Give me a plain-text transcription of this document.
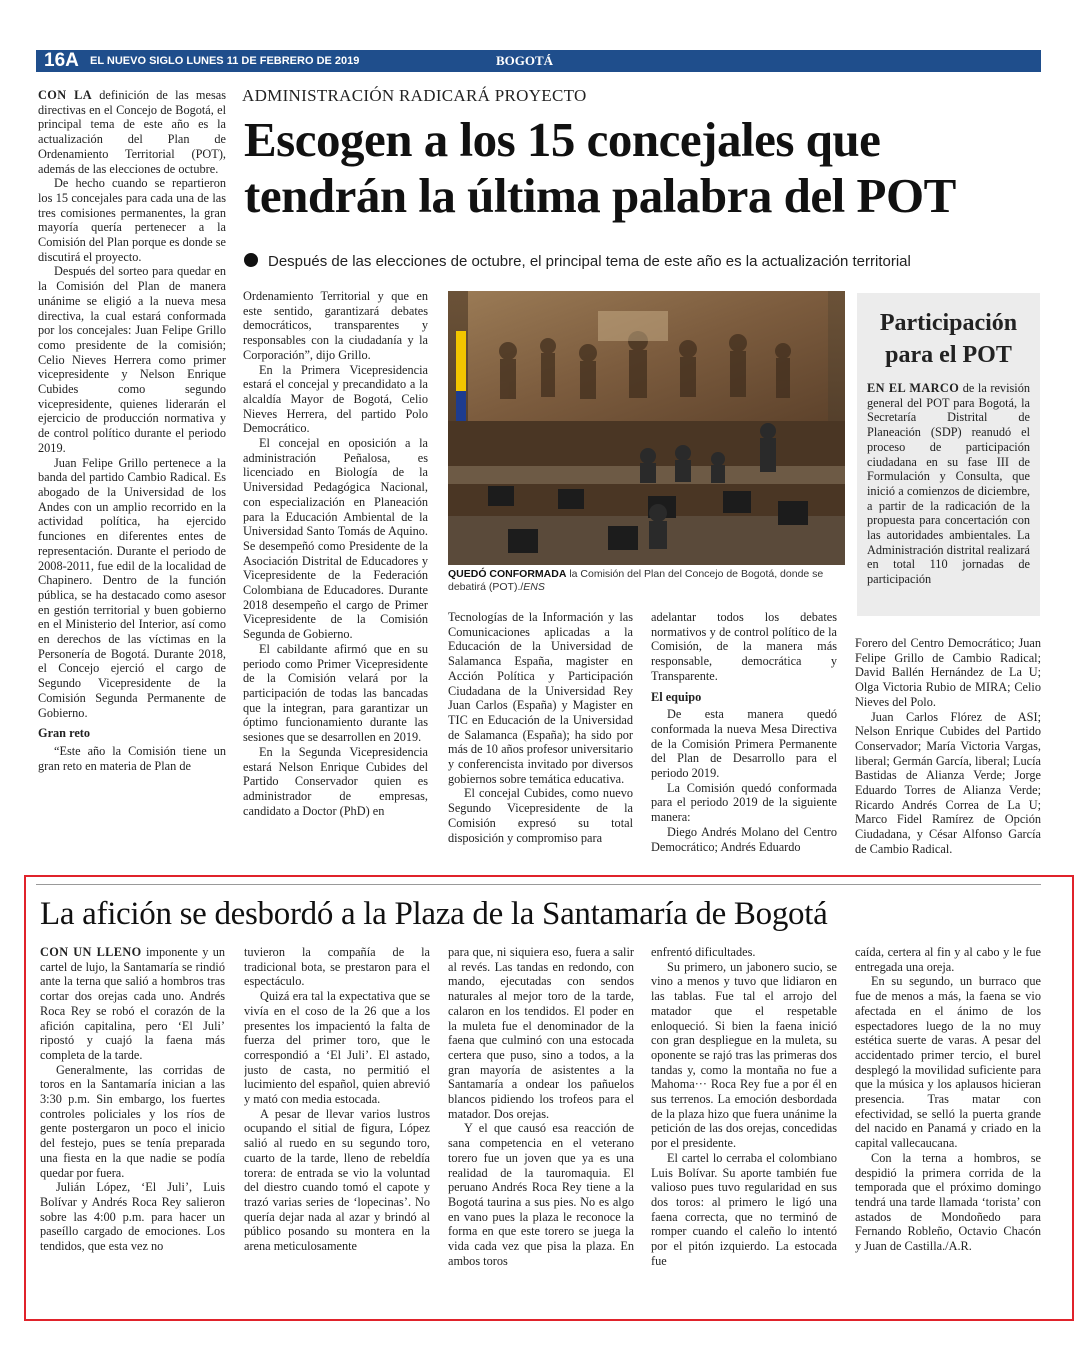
16A EL NUEVO SIGLO LUNES 11 DE FEBRERO DE 2019	BOGOTÁ

CON LA definición de las mesas directivas en el Concejo de Bogotá, el principal tema de este año es la actualización del Plan de Ordenamiento Territorial (POT), además de las elecciones de octubre.

De hecho cuando se repartieron los 15 concejales para cada una de las tres comisiones permanentes, la gran mayoría quería pertenecer a la Comisión del Plan porque es donde se discutirá el proyecto.

Después del sorteo para quedar en la Comisión del Plan de manera unánime se eligió a la nueva mesa directiva, la cual estará conformada por los concejales: Juan Felipe Grillo como presidente de la comisión; Celio Nieves Herrera como primer vicepresidente y Nelson Enrique Cubides como segundo vicepresidente, quienes liderarán el ejercicio de producción normativa y de control político durante el periodo 2019.

Juan Felipe Grillo pertenece a la banda del partido Cambio Radical. Es abogado de la Universidad de los Andes con un amplio recorrido en la actividad política, ha ejercido funciones en diferentes entes de representación. Durante el periodo de 2008-2011, fue edil de la localidad de Chapinero. Dentro de la función pública, se ha destacado como asesor en gestión territorial y buen gobierno en el Ministerio del Interior, así como en derechos de las víctimas en la Personería de Bogotá. Durante 2018, el Concejo ejerció el cargo de Segundo Vicepresidente de la Comisión Segunda Permanente de Gobierno.

Gran reto

“Este año la Comisión tiene un gran reto en materia de Plan de

ADMINISTRACIÓN RADICARÁ PROYECTO
Escogen a los 15 concejales que tendrán la última palabra del POT
Después de las elecciones de octubre, el principal tema de este año es la actualización territorial

Ordenamiento Territorial y que en este sentido, garantizará debates democráticos, transparentes y responsables con la ciudadanía y la Corporación”, dijo Grillo.

En la Primera Vicepresidencia estará el concejal y precandidato a la alcaldía Mayor de Bogotá, Celio Nieves Herrera, del partido Polo Democrático.

El concejal en oposición a la administración Peñalosa, es licenciado en Biología de la Universidad Pedagógica Nacional, con especialización en Planeación para la Educación Ambiental de la Universidad Santo Tomás de Aquino. Se desempeñó como Presidente de la Asociación Distrital de Educadores y Vicepresidente de la Federación Colombiana de Educadores. Durante 2018 desempeño el cargo de Primer Vicepresidente de la Comisión Segunda de Gobierno.

El cabildante afirmó que en su periodo como Primer Vicepresidente de la Comisión velará por la participación de todas las bancadas que la integran, para garantizar un óptimo funcionamiento durante las sesiones que se desarrollen en 2019.

En la Segunda Vicepresidencia estará Nelson Enrique Cubides del Partido Conservador quien es administrador de empresas, candidato a Doctor (PhD) en

QUEDÓ CONFORMADA la Comisión del Plan del Concejo de Bogotá, donde se debatirá (POT)./ENS

Tecnologías de la Información y las Comunicaciones aplicadas a la Educación de la Universidad de Salamanca España, magister en Acción Política y Participación Ciudadana de la Universidad Rey Juan Carlos (España) y Magister en TIC en Educación de la Universidad de Salamanca (España); ha sido por más de 10 años profesor universitario y conferencista invitado por diversos gobiernos sobre temática educativa.

El concejal Cubides, como nuevo Segundo Vicepresidente de la Comisión expresó su total disposición y compromiso para

adelantar todos los debates normativos y de control político de la Comisión, de la manera más responsable, democrática y Transparente.

El equipo

De esta manera quedó conformada la nueva Mesa Directiva de la Comisión Primera Permanente del Plan de Desarrollo para el periodo 2019.

La Comisión quedó conformada para el periodo 2019 de la siguiente manera:

Diego Andrés Molano del Centro Democrático; Andrés Eduardo

Participación para el POT

EN EL MARCO de la revisión general del POT para Bogotá, la Secretaría Distrital de Planeación (SDP) reanudó el proceso de participación ciudadana en su fase III de Formulación y Consulta, que inició a comienzos de diciembre, a partir de la radicación de la propuesta para concertación con las autoridades ambientales. La Administración distrital realizará en total 110 jornadas de participación

Forero del Centro Democrático; Juan Felipe Grillo de Cambio Radical; David Ballén Hernández de La U; Olga Victoria Rubio de MIRA; Celio Nieves del Polo.

Juan Carlos Flórez de ASI; Nelson Enrique Cubides del Partido Conservador; María Victoria Vargas, liberal; Germán García, liberal; Lucía Bastidas de Alianza Verde; Jorge Eduardo Torres de Alianza Verde; Ricardo Andrés Correa de La U; Marco Fidel Ramírez de Opción Ciudadana, y César Alfonso García de Cambio Radical.

La afición se desbordó a la Plaza de la Santamaría de Bogotá

CON UN LLENO imponente y un cartel de lujo, la Santamaría se rindió ante la terna que salió a hombros tras cortar dos orejas cada uno. Andrés Roca Rey se robó el corazón de la afición capitalina, pero ‘El Juli’ ripostó y cuajó la faena más completa de la tarde.

Generalmente, las corridas de toros en la Santamaría inician a las 3:30 p.m. Sin embargo, los fuertes controles policiales y los ríos de gente postergaron un poco el inicio del festejo, pues se tenía preparada una fiesta en la que nadie se podía quedar por fuera.

Julián López, ‘El Juli’, Luis Bolívar y Andrés Roca Rey salieron sobre las 4:00 p.m. para hacer un paseíllo cargado de emociones. Los tendidos, que esta vez no

tuvieron la compañía de la tradicional bota, se prestaron para el espectáculo.

Quizá era tal la expectativa que se vivía en el coso de la 26 que a los presentes los impacientó la falta de fuerza del primer toro, que le correspondió a ‘El Juli’. El astado, justo de casta, no permitió el lucimiento del español, quien abrevió y mató con media estocada.

A pesar de llevar varios lustros ocupando el sitial de figura, López salió al ruedo en su segundo toro, cuarto de la tarde, lleno de rebeldía torera: de entrada se vio la voluntad del diestro cuando tomó el capote y trazó varias series de ‘lopecinas’. No quería dejar nada al azar y brindó al público posando su montera en la arena meticulosamente

para que, ni siquiera eso, fuera a salir al revés. Las tandas en redondo, con mando, ejecutadas con sendos naturales al mejor toro de la tarde, calaron en los tendidos. El poder en la muleta fue el denominador de la faena que culminó con una estocada certera que puso, sino a todos, a la gran mayoría de asistentes a la Santamaría a ondear los pañuelos blancos pidiendo los trofeos para el matador. Dos orejas.

Y el que causó esa reacción de sana competencia en el veterano torero fue un joven que ya es una realidad de la tauromaquia. El peruano Andrés Roca Rey tiene a la Bogotá taurina a sus pies. No es algo en vano pues la plaza le reconoce la forma en que este torero se juega la vida cada vez que pisa la plaza. En ambos toros

enfrentó dificultades.

Su primero, un jabonero sucio, se vino a menos y tuvo que lidiaron en las tablas. Fue tal el arrojo del matador que el respetable enloqueció. Si bien la faena inició con gran despliegue en la muleta, su oponente se rajó tras las primeras dos tandas y, como la montaña no fue a Mahoma··· Roca Rey fue a por él en sus terrenos. La emoción desbordada de la plaza hizo que fuera unánime la petición de las dos orejas, concedidas por el presidente.

El cartel lo cerraba el colombiano Luis Bolívar. Su aporte también fue valioso pues tuvo regularidad en sus dos toros: al primero le ligó una faena correcta, que no terminó de romper cuando el caleño lo intentó por el pitón izquierdo. La estocada fue

caída, certera al fin y al cabo y le fue entregada una oreja.

En su segundo, un burraco que fue de menos a más, la faena se vio afectada en el ánimo de los espectadores luego de la no muy estética suerte de varas. A pesar del accidentado primer tercio, el burel desplegó la movilidad suficiente para que la música y los aplausos hicieran presencia. Tras matar con efectividad, se selló la puerta grande del nacido en Panamá y criado en la capital vallecaucana.

Con la terna a hombros, se despidió la primera corrida de la temporada que el próximo domingo tendrá una tarde llamada ‘torista’ con astados de Mondoñedo para Fernando Robleño, Octavio Chacón y Juan de Castilla./A.R.
